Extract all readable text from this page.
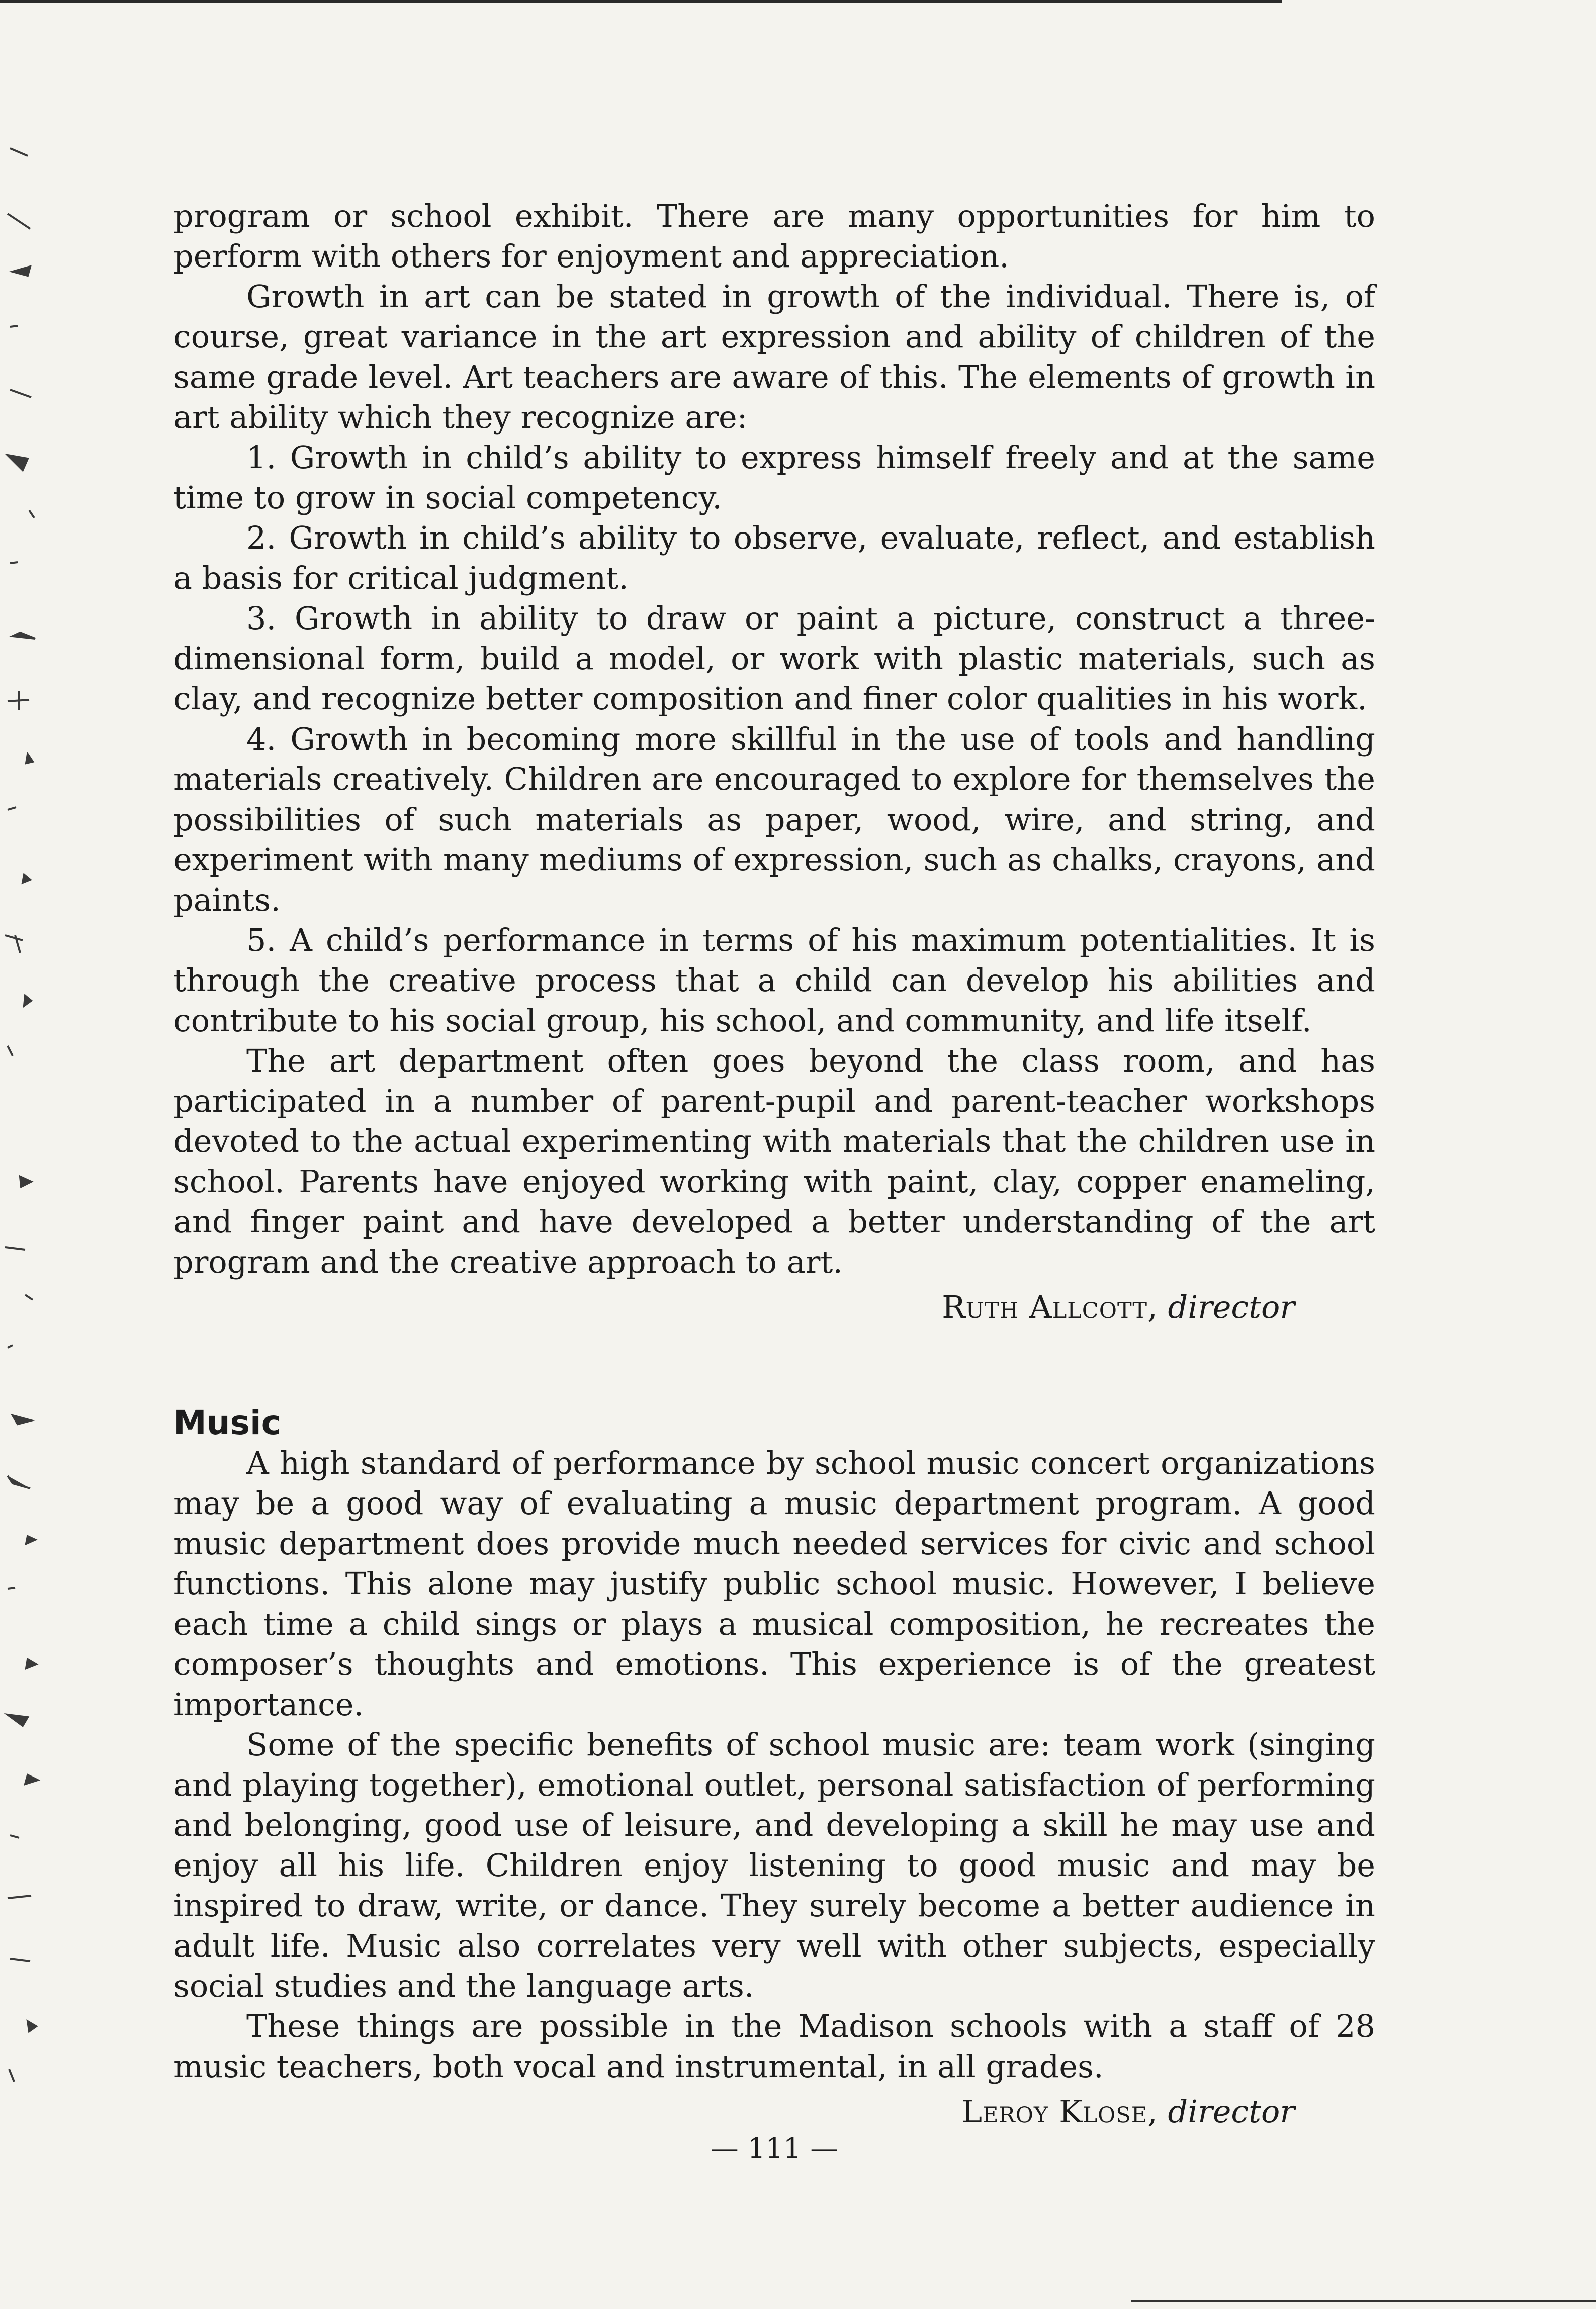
program or school exhibit. There are many opportunities for him to perform with others for enjoyment and appreciation.

Growth in art can be stated in growth of the individual. There is, of course, great variance in the art expression and ability of children of the same grade level. Art teachers are aware of this. The elements of growth in art ability which they recognize are:

1. Growth in child’s ability to express himself freely and at the same time to grow in social competency.

2. Growth in child’s ability to observe, evaluate, reflect, and establish a basis for critical judgment.

3. Growth in ability to draw or paint a picture, construct a three-dimensional form, build a model, or work with plastic materials, such as clay, and recognize better composition and finer color qualities in his work.

4. Growth in becoming more skillful in the use of tools and handling materials creatively. Children are encouraged to explore for themselves the possibilities of such materials as paper, wood, wire, and string, and experiment with many mediums of expression, such as chalks, crayons, and paints.

5. A child’s performance in terms of his maximum potentialities. It is through the creative process that a child can develop his abilities and contribute to his social group, his school, and community, and life itself.

The art department often goes beyond the class room, and has participated in a number of parent-pupil and parent-teacher workshops devoted to the actual experimenting with materials that the children use in school. Parents have enjoyed working with paint, clay, copper enameling, and finger paint and have developed a better understanding of the art program and the creative approach to art.

Ruth Allcott, director

Music

A high standard of performance by school music concert organizations may be a good way of evaluating a music department program. A good music department does provide much needed services for civic and school functions. This alone may justify public school music. However, I believe each time a child sings or plays a musical composition, he recreates the composer’s thoughts and emotions. This experience is of the greatest importance.

Some of the specific benefits of school music are: team work (singing and playing together), emotional outlet, personal satisfaction of performing and belonging, good use of leisure, and developing a skill he may use and enjoy all his life. Children enjoy listening to good music and may be inspired to draw, write, or dance. They surely become a better audience in adult life. Music also correlates very well with other subjects, especially social studies and the language arts.

These things are possible in the Madison schools with a staff of 28 music teachers, both vocal and instrumental, in all grades.

Leroy Klose, director

— 111 —
